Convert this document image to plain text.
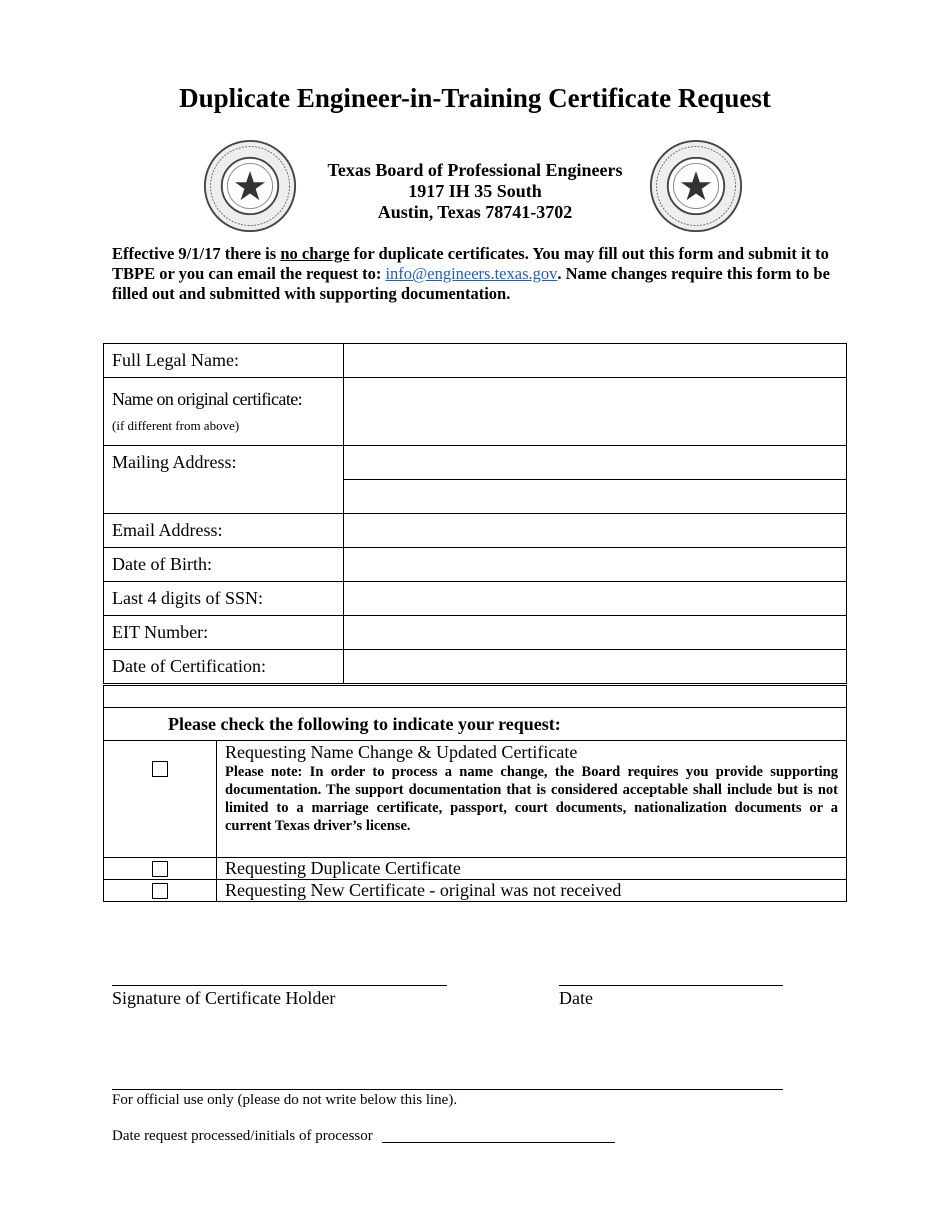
Duplicate Engineer-in-Training Certificate Request
Texas Board of Professional Engineers
1917 IH 35 South
Austin, Texas 78741-3702
Effective 9/1/17 there is no charge for duplicate certificates. You may fill out this form and submit it to TBPE or you can email the request to: info@engineers.texas.gov. Name changes require this form to be filled out and submitted with supporting documentation.
Full Legal Name:	
Name on original certificate:
(if different from above)	

Mailing Address:	

Email Address:	
Date of Birth:	
Last 4 digits of SSN:	
EIT Number:	
Date of Certification:	

Please check the following to indicate your request:	

	Requesting Name Change & Updated Certificate
Please note: In order to process a name change, the Board requires you provide supporting documentation. The support documentation that is considered acceptable shall include but is not limited to a marriage certificate, passport, court documents, nationalization documents or a current Texas driver’s license.

	Requesting Duplicate Certificate

	Requesting New Certificate - original was not received
Signature of Certificate Holder	Date
For official use only (please do not write below this line).
Date request processed/initials of processor
